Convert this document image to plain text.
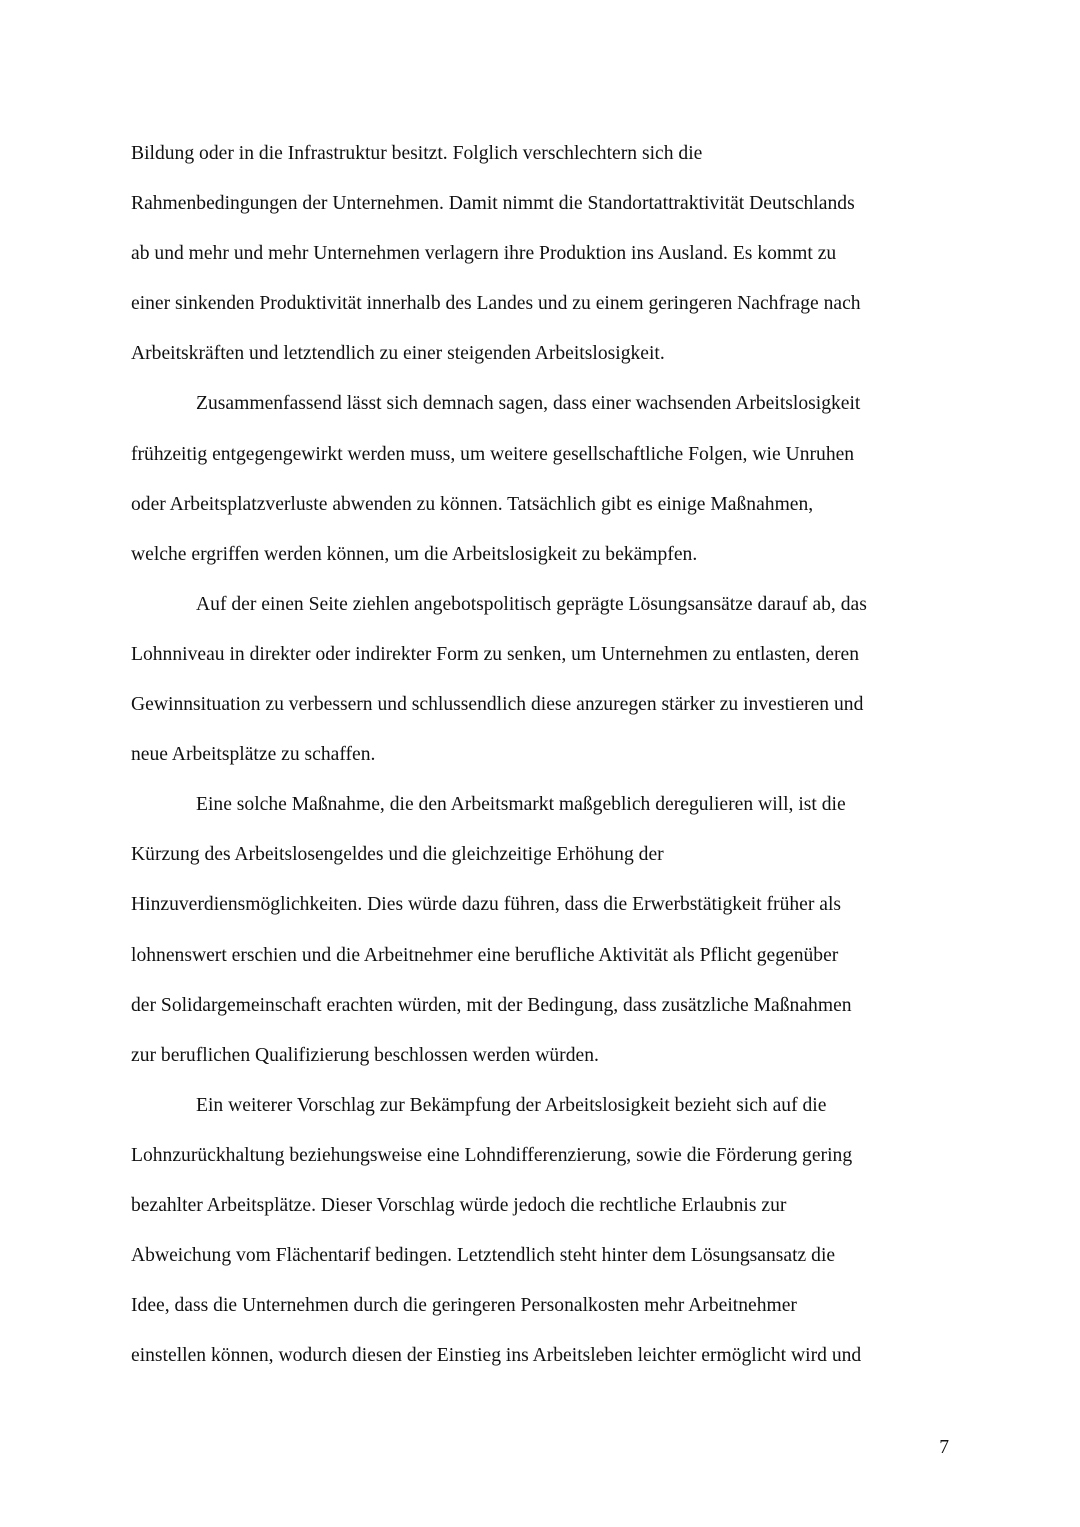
Bildung oder in die Infrastruktur besitzt. Folglich verschlechtern sich die
Rahmenbedingungen der Unternehmen. Damit nimmt die Standortattraktivität Deutschlands
ab und mehr und mehr Unternehmen verlagern ihre Produktion ins Ausland. Es kommt zu
einer sinkenden Produktivität innerhalb des Landes und zu einem geringeren Nachfrage nach
Arbeitskräften und letztendlich zu einer steigenden Arbeitslosigkeit.
Zusammenfassend lässt sich demnach sagen, dass einer wachsenden Arbeitslosigkeit
frühzeitig entgegengewirkt werden muss, um weitere gesellschaftliche Folgen, wie Unruhen
oder Arbeitsplatzverluste abwenden zu können. Tatsächlich gibt es einige Maßnahmen,
welche ergriffen werden können, um die Arbeitslosigkeit zu bekämpfen.
Auf der einen Seite ziehlen angebotspolitisch geprägte Lösungsansätze darauf ab, das
Lohnniveau in direkter oder indirekter Form zu senken, um Unternehmen zu entlasten, deren
Gewinnsituation zu verbessern und schlussendlich diese anzuregen stärker zu investieren und
neue Arbeitsplätze zu schaffen.
Eine solche Maßnahme, die den Arbeitsmarkt maßgeblich deregulieren will, ist die
Kürzung des Arbeitslosengeldes und die gleichzeitige Erhöhung der
Hinzuverdiensmöglichkeiten. Dies würde dazu führen, dass die Erwerbstätigkeit früher als
lohnenswert erschien und die Arbeitnehmer eine berufliche Aktivität als Pflicht gegenüber
der Solidargemeinschaft erachten würden, mit der Bedingung, dass zusätzliche Maßnahmen
zur beruflichen Qualifizierung beschlossen werden würden.
Ein weiterer Vorschlag zur Bekämpfung der Arbeitslosigkeit bezieht sich auf die
Lohnzurückhaltung beziehungsweise eine Lohndifferenzierung, sowie die Förderung gering
bezahlter Arbeitsplätze. Dieser Vorschlag würde jedoch die rechtliche Erlaubnis zur
Abweichung vom Flächentarif bedingen. Letztendlich steht hinter dem Lösungsansatz die
Idee, dass die Unternehmen durch die geringeren Personalkosten mehr Arbeitnehmer
einstellen können, wodurch diesen der Einstieg ins Arbeitsleben leichter ermöglicht wird und
7
